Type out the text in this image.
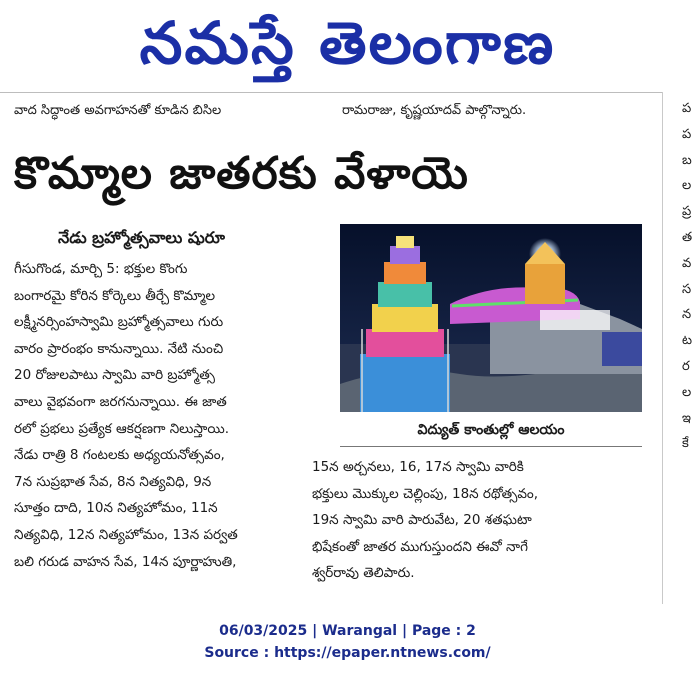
నమస్తే తెలంగాణ
వాద సిద్ధాంత అవగాహనతో కూడిన బిసిల	రామరాజు, కృష్ణయాదవ్ పాల్గొన్నారు.
కొమ్మాల జాతరకు వేళాయె
నేడు బ్రహ్మోత్సవాలు షురూ
గీసుగొండ, మార్చి 5: భక్తుల కొంగు
బంగారమై కోరిన కోర్కెలు తీర్చే కొమ్మాల
లక్ష్మీనర్సింహస్వామి బ్రహ్మోత్సవాలు గురు
వారం ప్రారంభం కానున్నాయి. నేటి నుంచి
20 రోజులపాటు స్వామి వారి బ్రహ్మోత్స
వాలు వైభవంగా జరగనున్నాయి. ఈ జాత
రలో ప్రభలు ప్రత్యేక ఆకర్షణగా నిలుస్తాయి.
నేడు రాత్రి 8 గంటలకు అధ్యయనోత్సవం,
7న సుప్రభాత సేవ, 8న నిత్యవిధి, 9న
సూత్తం దాది, 10న నిత్యహోమం, 11న
నిత్యవిధి, 12న నిత్యహోమం, 13న పర్వత
బలి గరుడ వాహన సేవ, 14న పూర్ణాహుతి,
విద్యుత్ కాంతుల్లో ఆలయం
15న అర్చనలు, 16, 17న స్వామి వారికి
భక్తులు మొక్కుల చెల్లింపు, 18న రథోత్సవం,
19న స్వామి వారి పారువేట, 20 శతఘటా
భిషేకంతో జాతర ముగుస్తుందని ఈవో నాగే
శ్వర్‌రావు తెలిపారు.
ప
ప
బ
ల
ప్ర
త
వ
స
న
ట
ర
ల
ఇ
కే
06/03/2025 | Warangal | Page : 2
Source : https://epaper.ntnews.com/
